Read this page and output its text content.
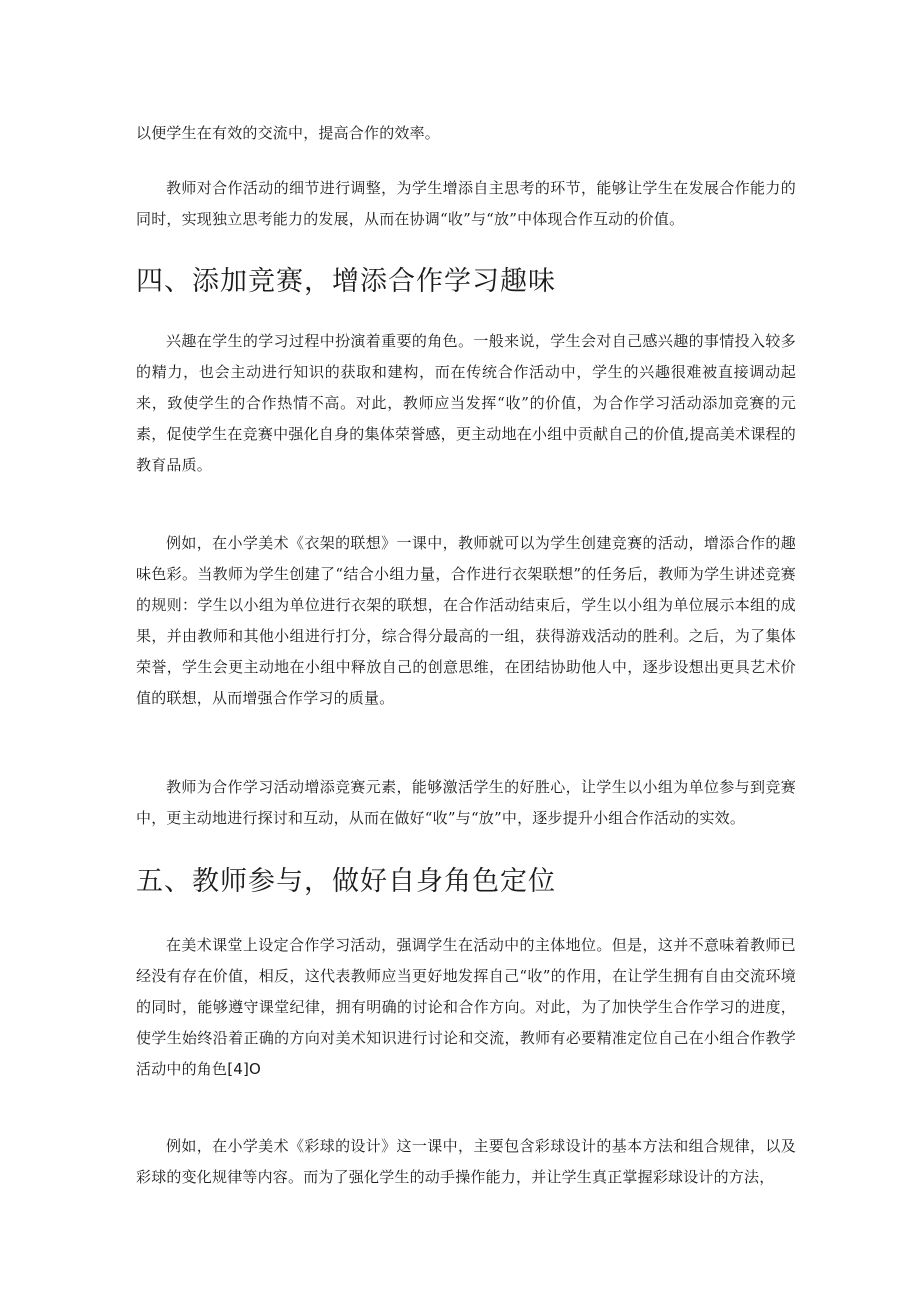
以便学生在有效的交流中，提高合作的效率。

教师对合作活动的细节进行调整，为学生增添自主思考的环节，能够让学生在发展合作能力的同时，实现独立思考能力的发展，从而在协调“收”与“放”中体现合作互动的价值。

四、添加竞赛，增添合作学习趣味

兴趣在学生的学习过程中扮演着重要的角色。一般来说，学生会对自己感兴趣的事情投入较多的精力，也会主动进行知识的获取和建构，而在传统合作活动中，学生的兴趣很难被直接调动起来，致使学生的合作热情不高。对此，教师应当发挥“收”的价值，为合作学习活动添加竞赛的元素，促使学生在竞赛中强化自身的集体荣誉感，更主动地在小组中贡献自己的价值,提高美术课程的教育品质。

例如，在小学美术《衣架的联想》一课中，教师就可以为学生创建竞赛的活动，增添合作的趣味色彩。当教师为学生创建了“结合小组力量，合作进行衣架联想”的任务后，教师为学生讲述竞赛的规则：学生以小组为单位进行衣架的联想，在合作活动结束后，学生以小组为单位展示本组的成果，并由教师和其他小组进行打分，综合得分最高的一组，获得游戏活动的胜利。之后，为了集体荣誉，学生会更主动地在小组中释放自己的创意思维，在团结协助他人中，逐步设想出更具艺术价值的联想，从而增强合作学习的质量。

教师为合作学习活动增添竞赛元素，能够激活学生的好胜心，让学生以小组为单位参与到竞赛中，更主动地进行探讨和互动，从而在做好“收”与“放”中，逐步提升小组合作活动的实效。

五、教师参与，做好自身角色定位

在美术课堂上设定合作学习活动，强调学生在活动中的主体地位。但是，这并不意味着教师已经没有存在价值，相反，这代表教师应当更好地发挥自己“收”的作用，在让学生拥有自由交流环境的同时，能够遵守课堂纪律，拥有明确的讨论和合作方向。对此，为了加快学生合作学习的进度，使学生始终沿着正确的方向对美术知识进行讨论和交流，教师有必要精准定位自己在小组合作教学活动中的角色[4]O

例如，在小学美术《彩球的设计》这一课中，主要包含彩球设计的基本方法和组合规律，以及彩球的变化规律等内容。而为了强化学生的动手操作能力，并让学生真正掌握彩球设计的方法，
